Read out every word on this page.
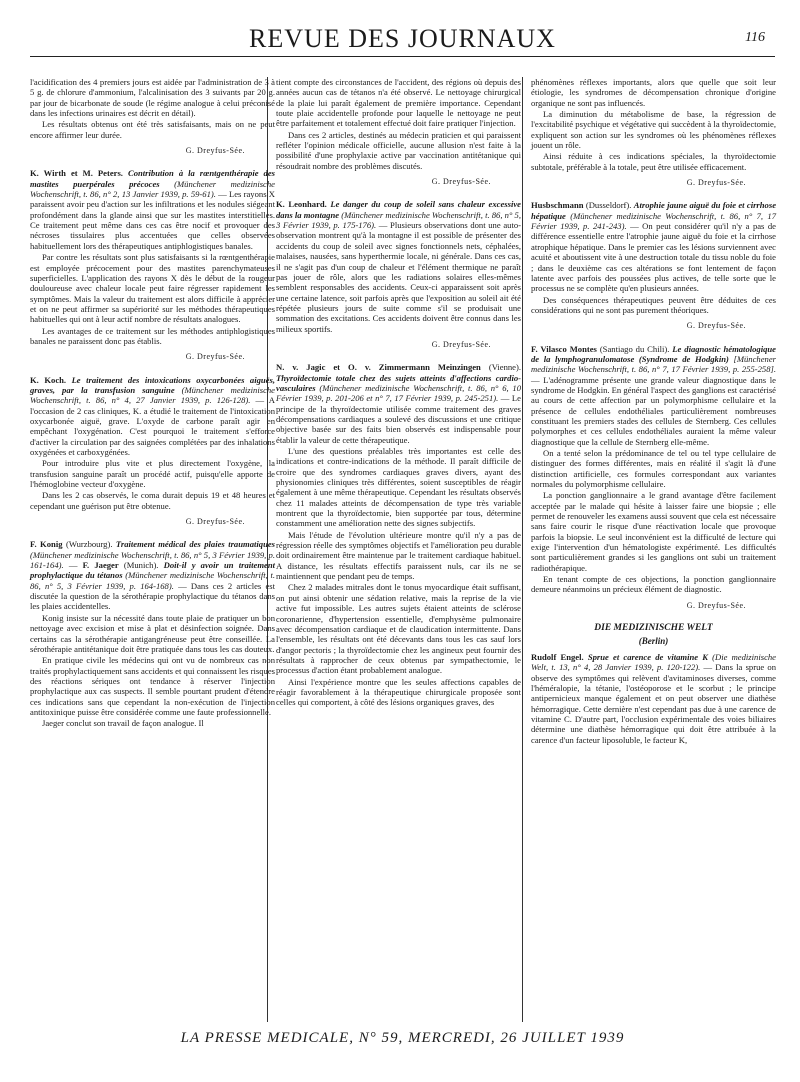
REVUE DES JOURNAUX	116

l'acidification des 4 premiers jours est aidée par l'administration de 3 à 5 g. de chlorure d'ammonium, l'alcalinisation des 3 suivants par 20 g. par jour de bicarbonate de soude (le régime analogue à celui préconisé dans les infections urinaires est décrit en détail).

Les résultats obtenus ont été très satisfaisants, mais on ne peut encore affirmer leur durée.

G. Dreyfus-Sée.

K. Wirth et M. Peters. Contribution à la rœntgenthérapie des mastites puerpérales précoces (Münchener medizinische Wochenschrift, t. 86, n° 2, 13 Janvier 1939, p. 59-61). — Les rayons X paraissent avoir peu d'action sur les infiltrations et les nodules siégeant profondément dans la glande ainsi que sur les mastites interstitielles. Ce traitement peut même dans ces cas être nocif et provoquer des nécroses tissulaires plus accentuées que celles observées habituellement lors des thérapeutiques antiphlogistiques banales.

Par contre les résultats sont plus satisfaisants si la rœntgenthérapie est employée précocement pour des mastites parenchymateuses superficielles. L'application des rayons X dès le début de la rougeur douloureuse avec chaleur locale peut faire régresser rapidement les symptômes. Mais la valeur du traitement est alors difficile à apprécier et on ne peut affirmer sa supériorité sur les méthodes thérapeutiques habituelles qui ont à leur actif nombre de résultats analogues.

Les avantages de ce traitement sur les méthodes antiphlogistiques banales ne paraissent donc pas établis.

G. Dreyfus-Sée.

K. Koch. Le traitement des intoxications oxycarbonées aiguës, graves, par la transfusion sanguine (Münchener medizinische Wochenschrift, t. 86, n° 4, 27 Janvier 1939, p. 126-128). — A l'occasion de 2 cas cliniques, K. a étudié le traitement de l'intoxication oxycarbonée aiguë, grave. L'oxyde de carbone paraît agir en empêchant l'oxygénation. C'est pourquoi le traitement s'efforce d'activer la circulation par des saignées complétées par des inhalations oxygénées et carboxygénées.

Pour introduire plus vite et plus directement l'oxygène, la transfusion sanguine paraît un procédé actif, puisqu'elle apporte de l'hémoglobine vecteur d'oxygène.

Dans les 2 cas observés, le coma durait depuis 19 et 48 heures et cependant une guérison put être obtenue.

G. Dreyfus-Sée.

F. Konig (Wurzbourg). Traitement médical des plaies traumatiques (Münchener medizinische Wochenschrift, t. 86, n° 5, 3 Février 1939, p. 161-164). — F. Jaeger (Munich). Doit-il y avoir un traitement prophylactique du tétanos (Münchener medizinische Wochenschrift, t. 86, n° 5, 3 Février 1939, p. 164-168). — Dans ces 2 articles est discutée la question de la sérothérapie prophylactique du tétanos dans les plaies accidentelles.

Konig insiste sur la nécessité dans toute plaie de pratiquer un bon nettoyage avec excision et mise à plat et désinfection soignée. Dans certains cas la sérothérapie antigangréneuse peut être conseillée. La sérothérapie antitétanique doit être pratiquée dans tous les cas douteux.

En pratique civile les médecins qui ont vu de nombreux cas non traités prophylactiquement sans accidents et qui connaissent les risques des réactions sériques ont tendance à réserver l'injection prophylactique aux cas suspects. Il semble pourtant prudent d'étendre ces indications sans que cependant la non-exécution de l'injection antitoxinique puisse être considérée comme une faute professionnelle.

Jaeger conclut son travail de façon analogue. Il

tient compte des circonstances de l'accident, des régions où depuis des années aucun cas de tétanos n'a été observé. Le nettoyage chirurgical de la plaie lui paraît également de première importance. Cependant toute plaie accidentelle profonde pour laquelle le nettoyage ne peut être parfaitement et totalement effectué doit faire pratiquer l'injection.

Dans ces 2 articles, destinés au médecin praticien et qui paraissent refléter l'opinion médicale officielle, aucune allusion n'est faite à la possibilité d'une prophylaxie active par vaccination antitétanique qui résoudrait nombre des problèmes discutés.

G. Dreyfus-Sée.

K. Leonhard. Le danger du coup de soleil sans chaleur excessive dans la montagne (Münchener medizinische Wochenschrift, t. 86, n° 5, 3 Février 1939, p. 175-176). — Plusieurs observations dont une auto-observation montrent qu'à la montagne il est possible de présenter des accidents du coup de soleil avec signes fonctionnels nets, céphalées, malaises, nausées, sans hyperthermie locale, ni générale. Dans ces cas, il ne s'agit pas d'un coup de chaleur et l'élément thermique ne paraît pas jouer de rôle, alors que les radiations solaires elles-mêmes semblent responsables des accidents. Ceux-ci apparaissent soit après une certaine latence, soit parfois après que l'exposition au soleil ait été répétée plusieurs jours de suite comme s'il se produisait une sommation des excitations. Ces accidents doivent être connus dans les milieux sportifs.

G. Dreyfus-Sée.

N. v. Jagic et O. v. Zimmermann Meinzingen (Vienne). Thyroïdectomie totale chez des sujets atteints d'affections cardio-vasculaires (Münchener medizinische Wochenschrift, t. 86, n° 6, 10 Février 1939, p. 201-206 et n° 7, 17 Février 1939, p. 245-251). — Le principe de la thyroïdectomie utilisée comme traitement des graves décompensations cardiaques a soulevé des discussions et une critique objective basée sur des faits bien observés est indispensable pour établir la valeur de cette thérapeutique.

L'une des questions préalables très importantes est celle des indications et contre-indications de la méthode. Il paraît difficile de croire que des syndromes cardiaques graves divers, ayant des physionomies cliniques très différentes, soient susceptibles de réagir également à une même thérapeutique. Cependant les résultats observés chez 11 malades atteints de décompensation de type très variable montrent que la thyroïdectomie, bien supportée par tous, détermine constamment une amélioration nette des signes subjectifs.

Mais l'étude de l'évolution ultérieure montre qu'il n'y a pas de régression réelle des symptômes objectifs et l'amélioration peu durable doit ordinairement être maintenue par le traitement cardiaque habituel. A distance, les résultats effectifs paraissent nuls, car ils ne se maintiennent que pendant peu de temps.

Chez 2 malades mitrales dont le tonus myocardique était suffisant, on put ainsi obtenir une sédation relative, mais la reprise de la vie active fut impossible. Les autres sujets étaient atteints de sclérose coronarienne, d'hypertension essentielle, d'emphysème pulmonaire avec décompensation cardiaque et de claudication intermittente. Dans l'ensemble, les résultats ont été décevants dans tous les cas sauf lors d'angor pectoris ; la thyroïdectomie chez les angineux peut fournir des résultats à rapprocher de ceux obtenus par sympathectomie, le processus d'action étant probablement analogue.

Ainsi l'expérience montre que les seules affections capables de réagir favorablement à la thérapeutique chirurgicale proposée sont celles qui comportent, à côté des lésions organiques graves, des

phénomènes réflexes importants, alors que quelle que soit leur étiologie, les syndromes de décompensation chronique d'origine organique ne sont pas influencés.

La diminution du métabolisme de base, la régression de l'excitabilité psychique et végétative qui succèdent à la thyroïdectomie, expliquent son action sur les syndromes où les phénomènes réflexes jouent un rôle.

Ainsi réduite à ces indications spéciales, la thyroïdectomie subtotale, préférable à la totale, peut être utilisée efficacement.

G. Dreyfus-Sée.

Husbschmann (Dusseldorf). Atrophie jaune aiguë du foie et cirrhose hépatique (Münchener medizinische Wochenschrift, t. 86, n° 7, 17 Février 1939, p. 241-243). — On peut considérer qu'il n'y a pas de différence essentielle entre l'atrophie jaune aiguë du foie et la cirrhose atrophique hépatique. Dans le premier cas les lésions surviennent avec acuité et aboutissent vite à une destruction totale du tissu noble du foie ; dans le deuxième cas ces altérations se font lentement de façon latente avec parfois des poussées plus actives, de telle sorte que le processus ne se complète qu'en plusieurs années.

Des conséquences thérapeutiques peuvent être déduites de ces considérations qui ne sont pas purement théoriques.

G. Dreyfus-Sée.

F. Vilasco Montes (Santiago du Chili). Le diagnostic hématologique de la lymphogranulomatose (Syndrome de Hodgkin) [Münchener medizinische Wochenschrift, t. 86, n° 7, 17 Février 1939, p. 255-258]. — L'adénogramme présente une grande valeur diagnostique dans le syndrome de Hodgkin. En général l'aspect des ganglions est caractérisé au cours de cette affection par un polymorphisme cellulaire et la présence de cellules endothéliales particulièrement nombreuses constituant les premiers stades des cellules de Sternberg. Ces cellules polymorphes et ces cellules endothéliales auraient la même valeur diagnostique que la cellule de Sternberg elle-même.

On a tenté selon la prédominance de tel ou tel type cellulaire de distinguer des formes différentes, mais en réalité il s'agit là d'une distinction artificielle, ces formules correspondant aux variantes normales du polymorphisme cellulaire.

La ponction ganglionnaire a le grand avantage d'être facilement acceptée par le malade qui hésite à laisser faire une biopsie ; elle permet de renouveler les examens aussi souvent que cela est nécessaire sans faire courir le risque d'une réactivation locale que provoque parfois la biopsie. Le seul inconvénient est la difficulté de lecture qui exige l'intervention d'un hématologiste expérimenté. Les difficultés sont particulièrement grandes si les ganglions ont subi un traitement radiothérapique.

En tenant compte de ces objections, la ponction ganglionnaire demeure néanmoins un précieux élément de diagnostic.

G. Dreyfus-Sée.
DIE MEDIZINISCHE WELT
(Berlin)

Rudolf Engel. Sprue et carence de vitamine K (Die medizinische Welt, t. 13, n° 4, 28 Janvier 1939, p. 120-122). — Dans la sprue on observe des symptômes qui relèvent d'avitaminoses diverses, comme l'héméralopie, la tétanie, l'ostéoporose et le scorbut ; le principe antipernicieux manque également et on peut observer une diathèse hémorragique. Cette dernière n'est cependant pas due à une carence de vitamine C. D'autre part, l'occlusion expérimentale des voies biliaires détermine une diathèse hémorragique qui doit être attribuée à la carence d'un facteur liposoluble, le facteur K,

LA PRESSE MEDICALE, N° 59, MERCREDI, 26 JUILLET 1939
